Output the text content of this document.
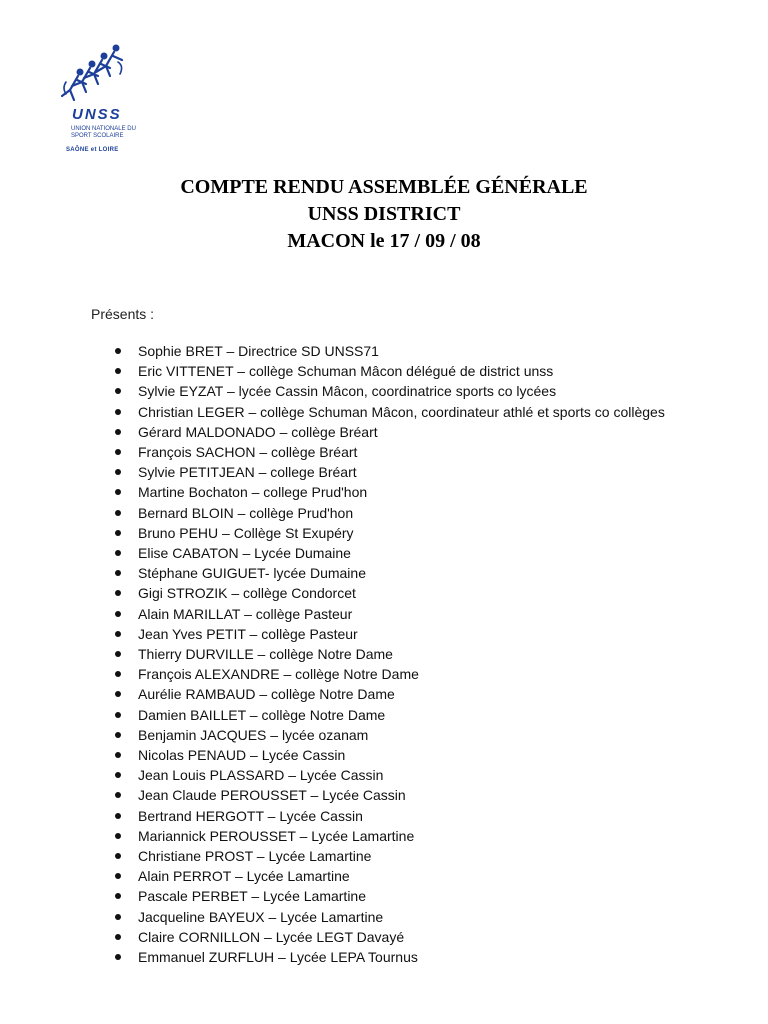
UNSS
UNION NATIONALE DU SPORT SCOLAIRE
SAÔNE et LOIRE
COMPTE RENDU ASSEMBLÉE GÉNÉRALE
UNSS DISTRICT
MACON le 17 / 09 / 08
Présents :
Sophie BRET – Directrice SD UNSS71
Eric VITTENET – collège Schuman Mâcon délégué de district unss
Sylvie EYZAT – lycée Cassin Mâcon, coordinatrice sports co lycées
Christian LEGER – collège Schuman Mâcon, coordinateur athlé et sports co collèges
Gérard MALDONADO – collège Bréart
François SACHON – collège Bréart
Sylvie PETITJEAN – college Bréart
Martine Bochaton – college Prud'hon
Bernard BLOIN – collège Prud'hon
Bruno PEHU – Collège St Exupéry
Elise CABATON – Lycée Dumaine
Stéphane GUIGUET- lycée Dumaine
Gigi STROZIK – collège Condorcet
Alain MARILLAT – collège Pasteur
Jean Yves PETIT – collège Pasteur
Thierry DURVILLE – collège Notre Dame
François ALEXANDRE – collège Notre Dame
Aurélie RAMBAUD – collège Notre Dame
Damien BAILLET – collège Notre Dame
Benjamin JACQUES – lycée ozanam
Nicolas PENAUD – Lycée Cassin
Jean Louis PLASSARD – Lycée Cassin
Jean Claude PEROUSSET – Lycée Cassin
Bertrand HERGOTT – Lycée Cassin
Mariannick PEROUSSET – Lycée Lamartine
Christiane PROST – Lycée Lamartine
Alain PERROT – Lycée Lamartine
Pascale PERBET – Lycée Lamartine
Jacqueline BAYEUX – Lycée Lamartine
Claire CORNILLON – Lycée LEGT Davayé
Emmanuel ZURFLUH – Lycée LEPA Tournus
